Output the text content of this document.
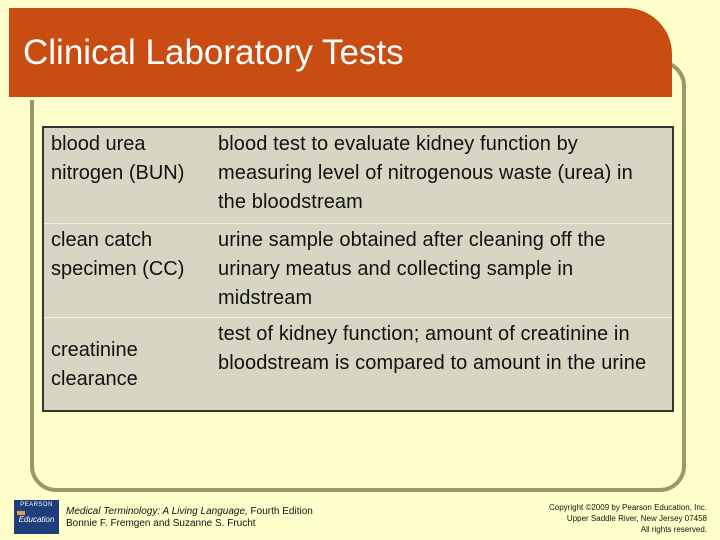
Clinical Laboratory Tests
blood urea nitrogen (BUN)	blood test to evaluate kidney function by measuring level of nitrogenous waste (urea) in the bloodstream
clean catch specimen (CC)	urine sample obtained after cleaning off the urinary meatus and collecting sample in midstream
creatinine clearance	test of kidney function; amount of creatinine in bloodstream is compared to amount in the urine
PEARSON
Education
Medical Terminology: A Living Language, Fourth Edition
Bonnie F. Fremgen and Suzanne S. Frucht
Copyright ©2009 by Pearson Education, Inc.
Upper Saddle River, New Jersey 07458
All rights reserved.
